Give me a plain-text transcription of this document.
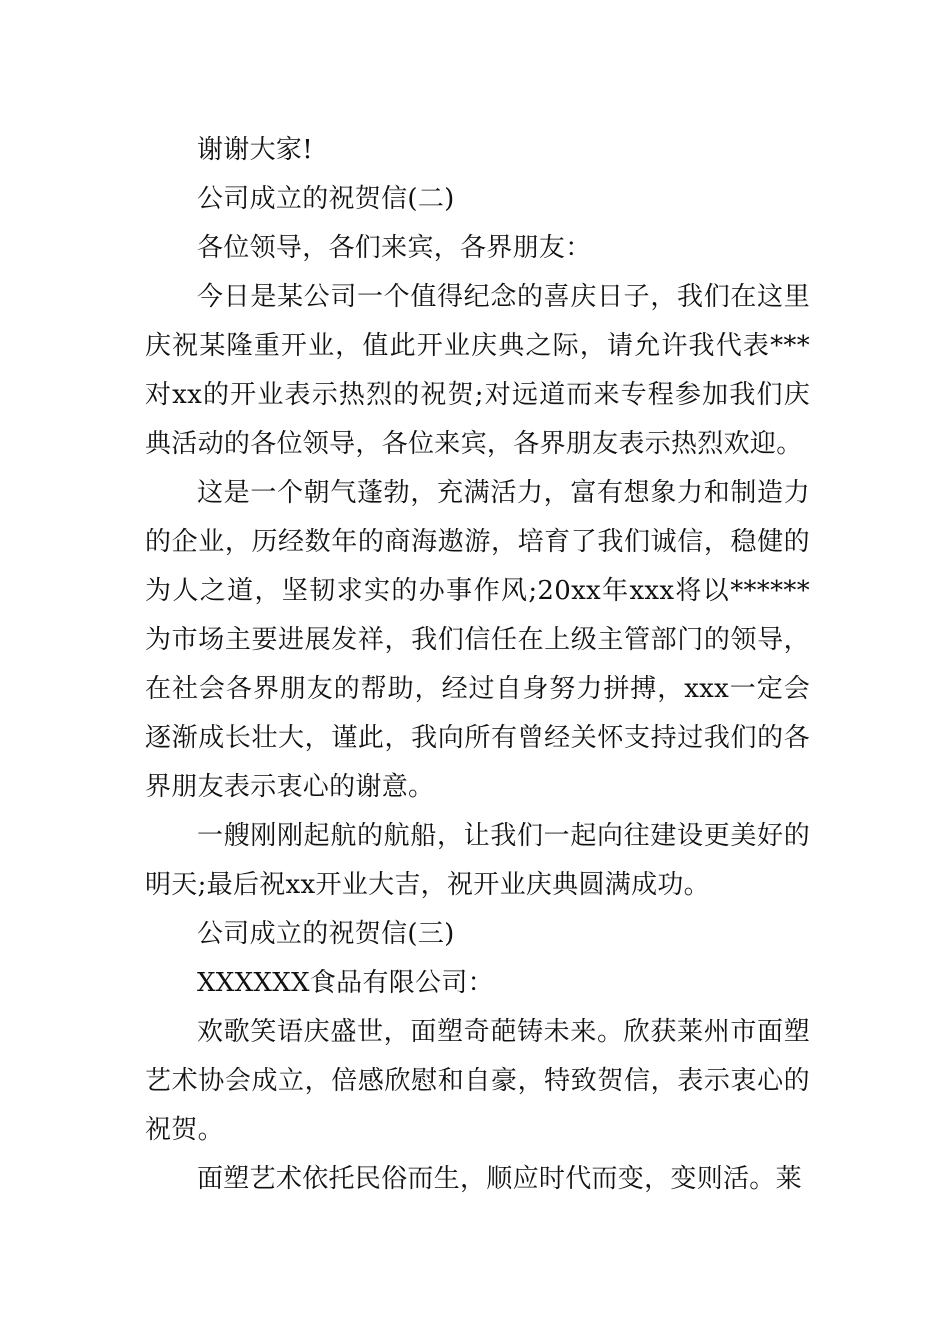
谢谢大家!

公司成立的祝贺信(二)

各位领导，各们来宾，各界朋友：

今日是某公司一个值得纪念的喜庆日子，我们在这里庆祝某隆重开业，值此开业庆典之际，请允许我代表***对xx的开业表示热烈的祝贺;对远道而来专程参加我们庆典活动的各位领导，各位来宾，各界朋友表示热烈欢迎。

这是一个朝气蓬勃，充满活力，富有想象力和制造力的企业，历经数年的商海遨游，培育了我们诚信，稳健的为人之道，坚韧求实的办事作风;20xx年xxx将以******为市场主要进展发祥，我们信任在上级主管部门的领导，在社会各界朋友的帮助，经过自身努力拼搏，xxx一定会逐渐成长壮大，谨此，我向所有曾经关怀支持过我们的各界朋友表示衷心的谢意。

一艘刚刚起航的航船，让我们一起向往建设更美好的明天;最后祝xx开业大吉，祝开业庆典圆满成功。

公司成立的祝贺信(三)

XXXXXX食品有限公司：

欢歌笑语庆盛世，面塑奇葩铸未来。欣获莱州市面塑艺术协会成立，倍感欣慰和自豪，特致贺信，表示衷心的祝贺。

面塑艺术依托民俗而生，顺应时代而变，变则活。莱
